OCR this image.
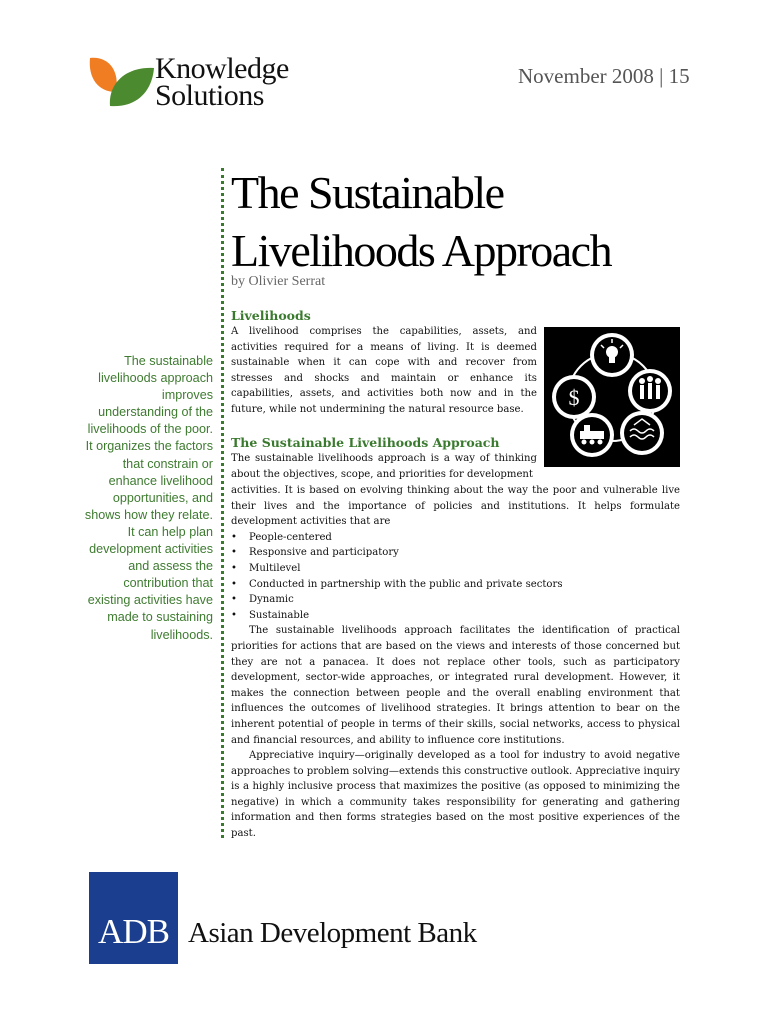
Knowledge
Solutions
November 2008 | 15
The Sustainable
Livelihoods Approach
by Olivier Serrat
The sustainable livelihoods approach improves understanding of the livelihoods of the poor. It organizes the factors that constrain or enhance livelihood opportunities, and shows how they relate. It can help plan development activities and assess the contribution that existing activities have made to sustaining livelihoods.
Livelihoods
A livelihood comprises the capabilities, assets, and activities required for a means of living. It is deemed sustainable when it can cope with and recover from stresses and shocks and maintain or enhance its capabilities, assets, and activities both now and in the future, while not undermining the natural resource base.	$
The Sustainable Livelihoods Approach
The sustainable livelihoods approach is a way of thinking about the objectives, scope, and priorities for development
activities. It is based on evolving thinking about the way the poor and vulnerable live their lives and the importance of policies and institutions. It helps formulate development activities that are
• People-centered
• Responsive and participatory
• Multilevel
• Conducted in partnership with the public and private sectors
• Dynamic
• Sustainable
The sustainable livelihoods approach facilitates the identification of practical priorities for actions that are based on the views and interests of those concerned but they are not a panacea. It does not replace other tools, such as participatory development, sector-wide approaches, or integrated rural development. However, it makes the connection between people and the overall enabling environment that influences the outcomes of livelihood strategies. It brings attention to bear on the inherent potential of people in terms of their skills, social networks, access to physical and financial resources, and ability to influence core institutions.
Appreciative inquiry—originally developed as a tool for industry to avoid negative approaches to problem solving—extends this constructive outlook. Appreciative inquiry is a highly inclusive process that maximizes the positive (as opposed to minimizing the negative) in which a community takes responsibility for generating and gathering information and then forms strategies based on the most positive experiences of the past.
ADB Asian Development Bank
